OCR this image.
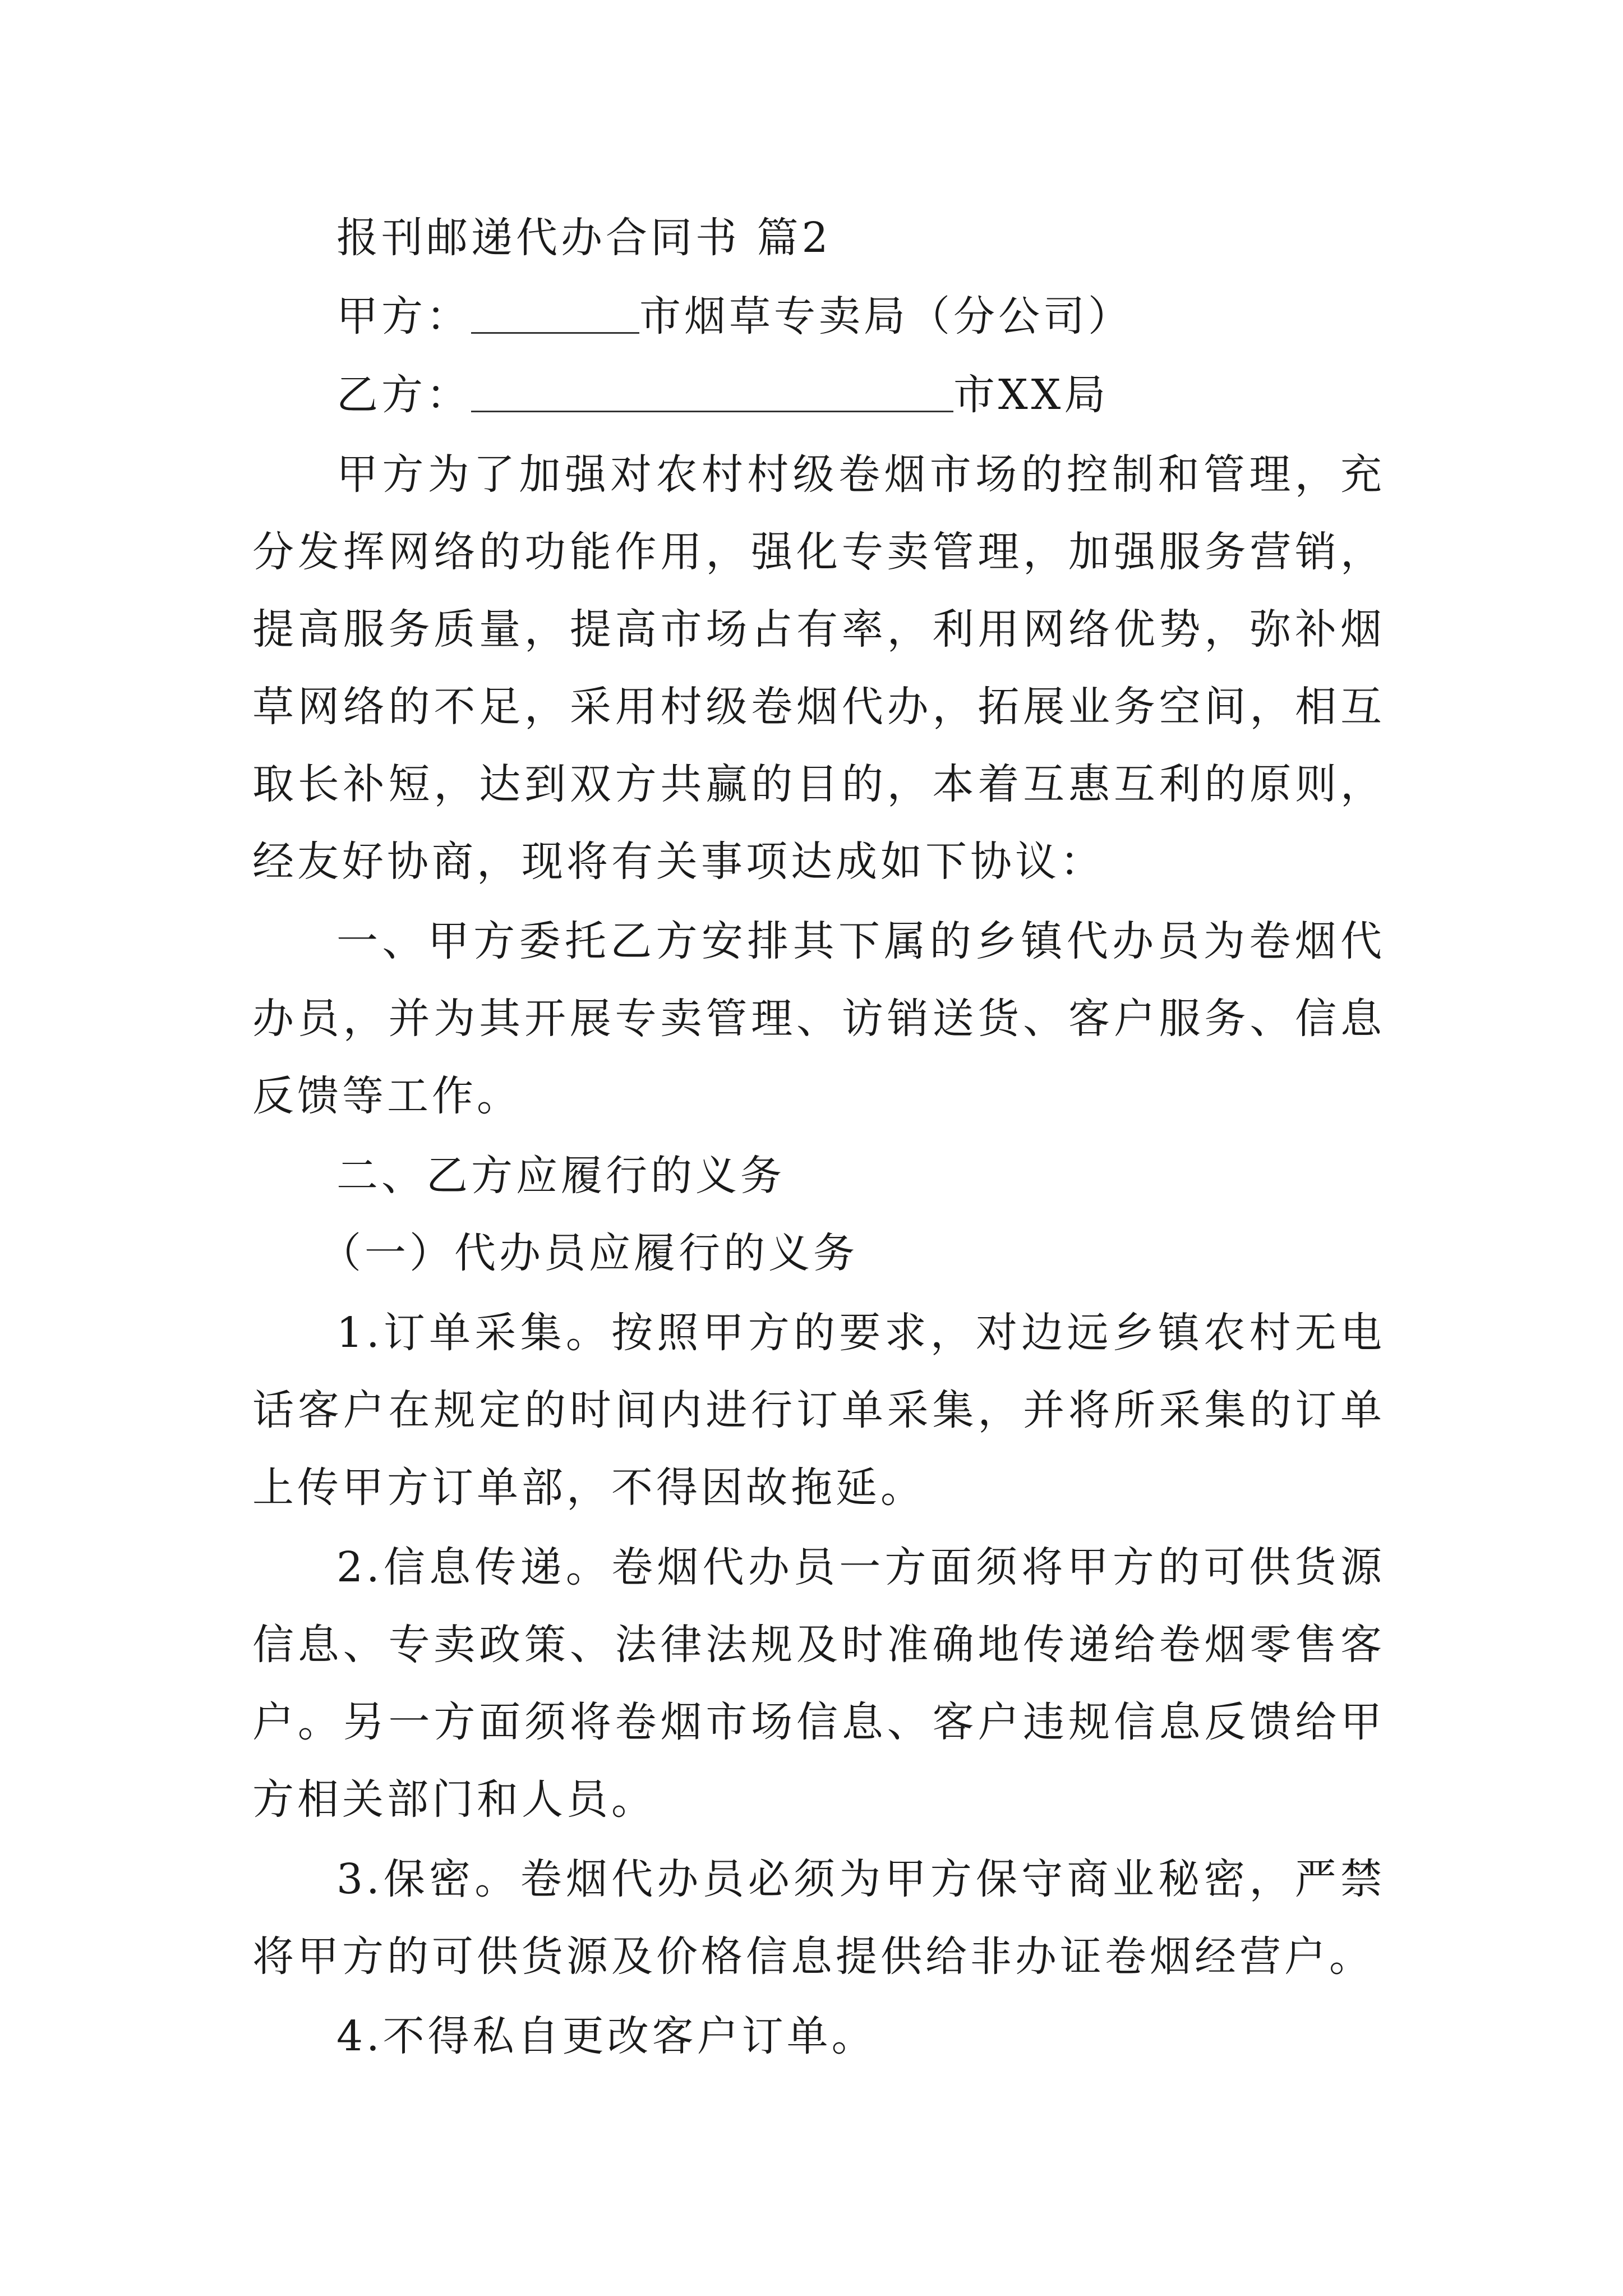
报刊邮递代办合同书 篇2
甲方：	市烟草专卖局（分公司）
乙方：	市XX局

甲方为了加强对农村村级卷烟市场的控制和管理，充分发挥网络的功能作用，强化专卖管理，加强服务营销，提高服务质量，提高市场占有率，利用网络优势，弥补烟草网络的不足，采用村级卷烟代办，拓展业务空间，相互取长补短，达到双方共赢的目的，本着互惠互利的原则，经友好协商，现将有关事项达成如下协议：

一、甲方委托乙方安排其下属的乡镇代办员为卷烟代办员，并为其开展专卖管理、访销送货、客户服务、信息反馈等工作。

二、乙方应履行的义务

（一）代办员应履行的义务

1.订单采集。按照甲方的要求，对边远乡镇农村无电话客户在规定的时间内进行订单采集，并将所采集的订单上传甲方订单部，不得因故拖延。

2.信息传递。卷烟代办员一方面须将甲方的可供货源信息、专卖政策、法律法规及时准确地传递给卷烟零售客户。另一方面须将卷烟市场信息、客户违规信息反馈给甲方相关部门和人员。

3.保密。卷烟代办员必须为甲方保守商业秘密，严禁将甲方的可供货源及价格信息提供给非办证卷烟经营户。

4.不得私自更改客户订单。
